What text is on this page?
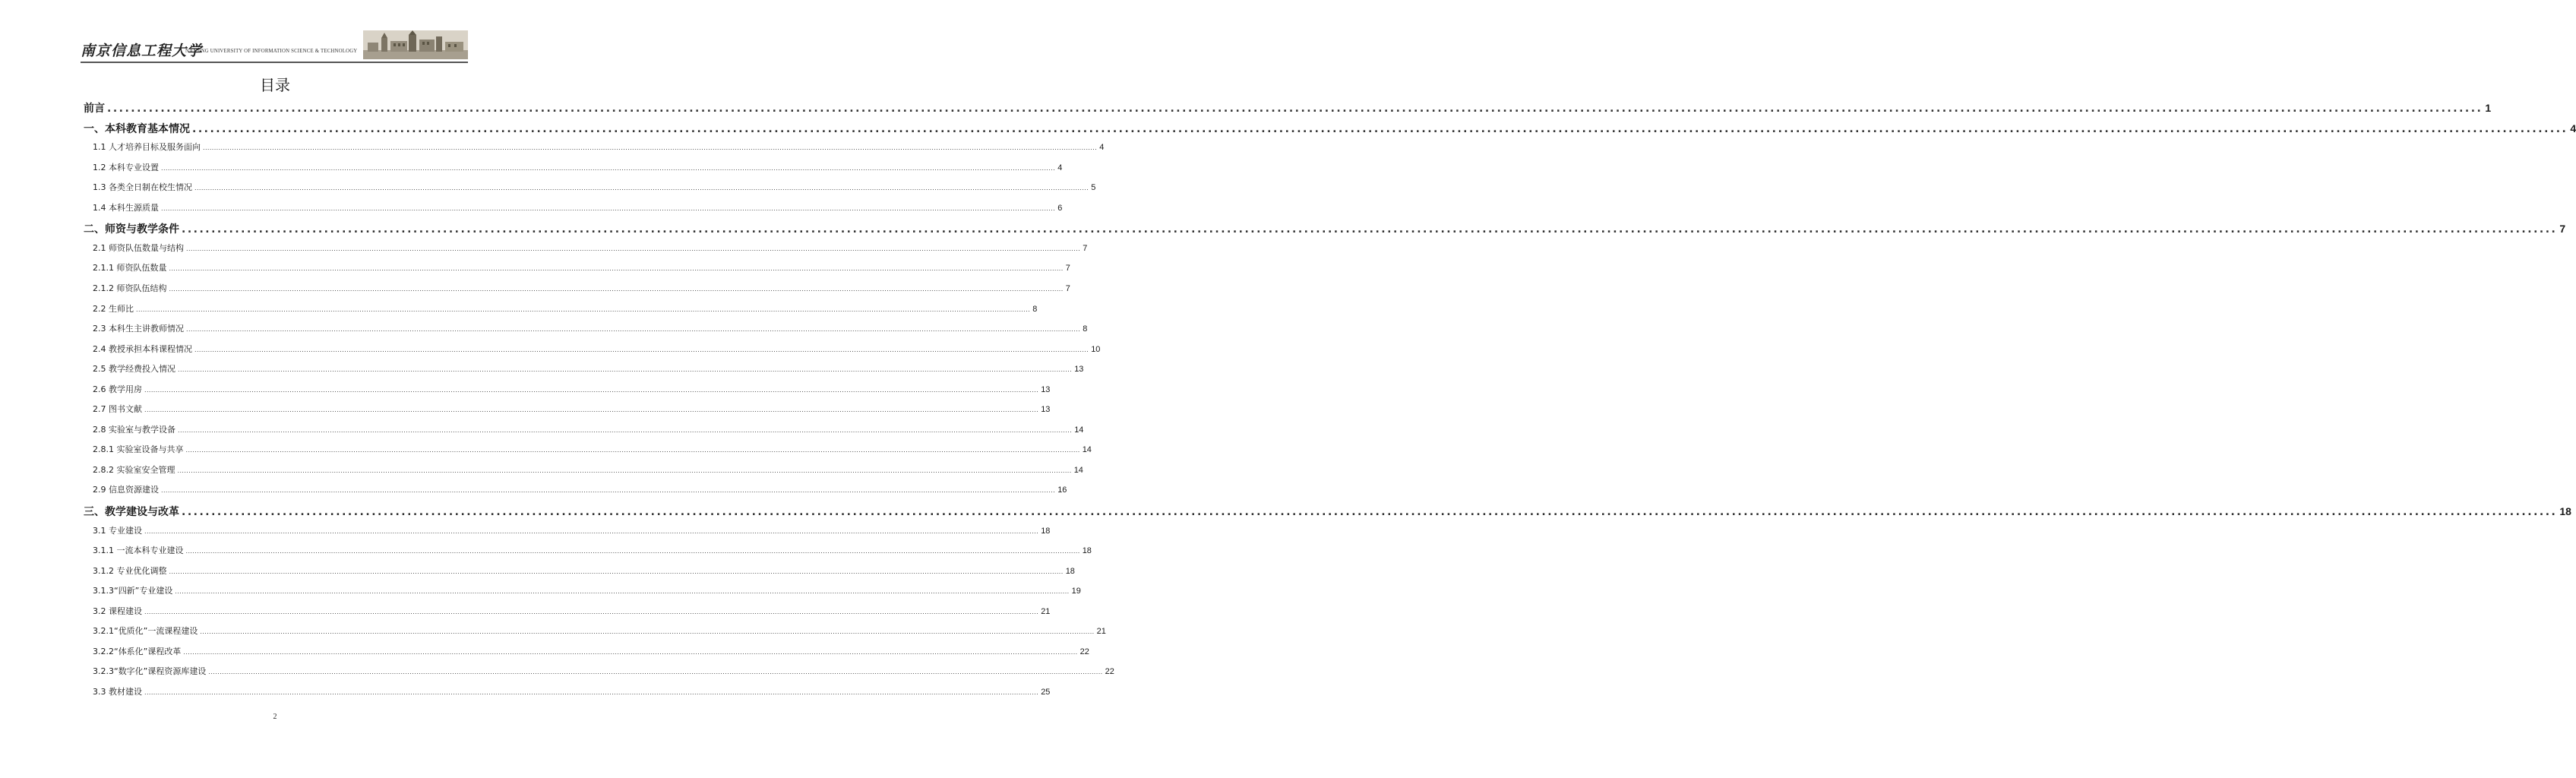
南京信息工程大学
NANJING UNIVERSITY OF INFORMATION SCIENCE & TECHNOLOGY
目录
前言 ................................................................................................................................................................................................................................................................................................................................................................................................................ 1
一、本科教育基本情况 ................................................................................................................................................................................................................................................................................................................................................................................................................ 4
1.1 人才培养目标及服务面向 ................................................................................................................................................................................................................................................................................................................................................................................................................ 4
1.2 本科专业设置 ................................................................................................................................................................................................................................................................................................................................................................................................................ 4
1.3 各类全日制在校生情况 ................................................................................................................................................................................................................................................................................................................................................................................................................ 5
1.4 本科生源质量 ................................................................................................................................................................................................................................................................................................................................................................................................................ 6
二、师资与教学条件 ................................................................................................................................................................................................................................................................................................................................................................................................................ 7
2.1 师资队伍数量与结构 ................................................................................................................................................................................................................................................................................................................................................................................................................ 7
2.1.1 师资队伍数量 ................................................................................................................................................................................................................................................................................................................................................................................................................ 7
2.1.2 师资队伍结构 ................................................................................................................................................................................................................................................................................................................................................................................................................ 7
2.2 生师比 ................................................................................................................................................................................................................................................................................................................................................................................................................ 8
2.3 本科生主讲教师情况 ................................................................................................................................................................................................................................................................................................................................................................................................................ 8
2.4 教授承担本科课程情况 ................................................................................................................................................................................................................................................................................................................................................................................................................ 10
2.5 教学经费投入情况 ................................................................................................................................................................................................................................................................................................................................................................................................................ 13
2.6 教学用房 ................................................................................................................................................................................................................................................................................................................................................................................................................ 13
2.7 图书文献 ................................................................................................................................................................................................................................................................................................................................................................................................................ 13
2.8 实验室与教学设备 ................................................................................................................................................................................................................................................................................................................................................................................................................ 14
2.8.1 实验室设备与共享 ................................................................................................................................................................................................................................................................................................................................................................................................................ 14
2.8.2 实验室安全管理 ................................................................................................................................................................................................................................................................................................................................................................................................................ 14
2.9 信息资源建设 ................................................................................................................................................................................................................................................................................................................................................................................................................ 16
三、教学建设与改革 ................................................................................................................................................................................................................................................................................................................................................................................................................ 18
3.1 专业建设 ................................................................................................................................................................................................................................................................................................................................................................................................................ 18
3.1.1 一流本科专业建设 ................................................................................................................................................................................................................................................................................................................................................................................................................ 18
3.1.2 专业优化调整 ................................................................................................................................................................................................................................................................................................................................................................................................................ 18
3.1.3“四新”专业建设 ................................................................................................................................................................................................................................................................................................................................................................................................................ 19
3.2 课程建设 ................................................................................................................................................................................................................................................................................................................................................................................................................ 21
3.2.1“优质化”一流课程建设 ................................................................................................................................................................................................................................................................................................................................................................................................................ 21
3.2.2“体系化”课程改革 ................................................................................................................................................................................................................................................................................................................................................................................................................ 22
3.2.3“数字化”课程资源库建设 ................................................................................................................................................................................................................................................................................................................................................................................................................ 22
3.3 教材建设 ................................................................................................................................................................................................................................................................................................................................................................................................................ 25
2
